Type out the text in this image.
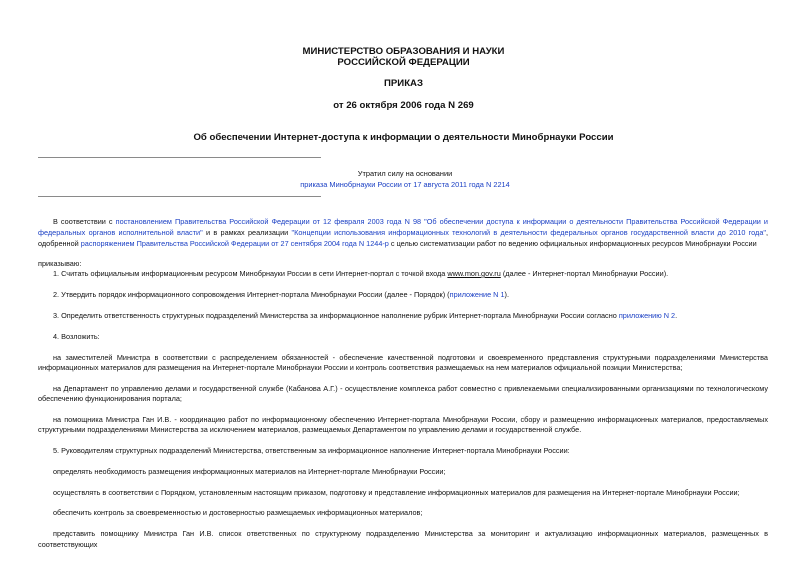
МИНИСТЕРСТВО ОБРАЗОВАНИЯ И НАУКИ
РОССИЙСКОЙ ФЕДЕРАЦИИ
ПРИКАЗ
от 26 октября 2006 года N 269
Об обеспечении Интернет-доступа к информации о деятельности Минобрнауки России
Утратил силу на основании
приказа Минобрнауки России от 17 августа 2011 года N 2214
В соответствии с постановлением Правительства Российской Федерации от 12 февраля 2003 года N 98 "Об обеспечении доступа к информации о деятельности Правительства Российской Федерации и
федеральных органов исполнительной власти" и в рамках реализации "Концепции использования информационных технологий в деятельности федеральных органов государственной власти до 2010 года",
одобренной распоряжением Правительства Российской Федерации от 27 сентября 2004 года N 1244-р с целью систематизации работ по ведению официальных информационных ресурсов Минобрнауки России
приказываю:
1. Считать официальным информационным ресурсом Минобрнауки России в сети Интернет-портал с точкой входа www.mon.gov.ru (далее - Интернет-портал Минобрнауки России).
2. Утвердить порядок информационного сопровождения Интернет-портала Минобрнауки России (далее - Порядок) (приложение N 1).
3. Определить ответственность структурных подразделений Министерства за информационное наполнение рубрик Интернет-портала Минобрнауки России согласно приложению N 2.
4. Возложить:
на заместителей Министра в соответствии с распределением обязанностей - обеспечение качественной подготовки и своевременного представления структурными подразделениями Министерства
информационных материалов для размещения на Интернет-портале Минобрнауки России и контроль соответствия размещаемых на нем материалов официальной позиции Министерства;
на Департамент по управлению делами и государственной службе (Кабанова А.Г.) - осуществление комплекса работ совместно с привлекаемыми специализированными организациями по технологическому
обеспечению функционирования портала;
на помощника Министра Ган И.В. - координацию работ по информационному обеспечению Интернет-портала Минобрнауки России, сбору и размещению информационных материалов, предоставляемых
структурными подразделениями Министерства за исключением материалов, размещаемых Департаментом по управлению делами и государственной службе.
5. Руководителям структурных подразделений Министерства, ответственным за информационное наполнение Интернет-портала Минобрнауки России:
определять необходимость размещения информационных материалов на Интернет-портале Минобрнауки России;
осуществлять в соответствии с Порядком, установленным настоящим приказом, подготовку и представление информационных материалов для размещения на Интернет-портале Минобрнауки России;
обеспечить контроль за своевременностью и достоверностью размещаемых информационных материалов;
представить помощнику Министра Ган И.В. список ответственных по структурному подразделению Министерства за мониторинг и актуализацию информационных материалов, размещенных в соответствующих
